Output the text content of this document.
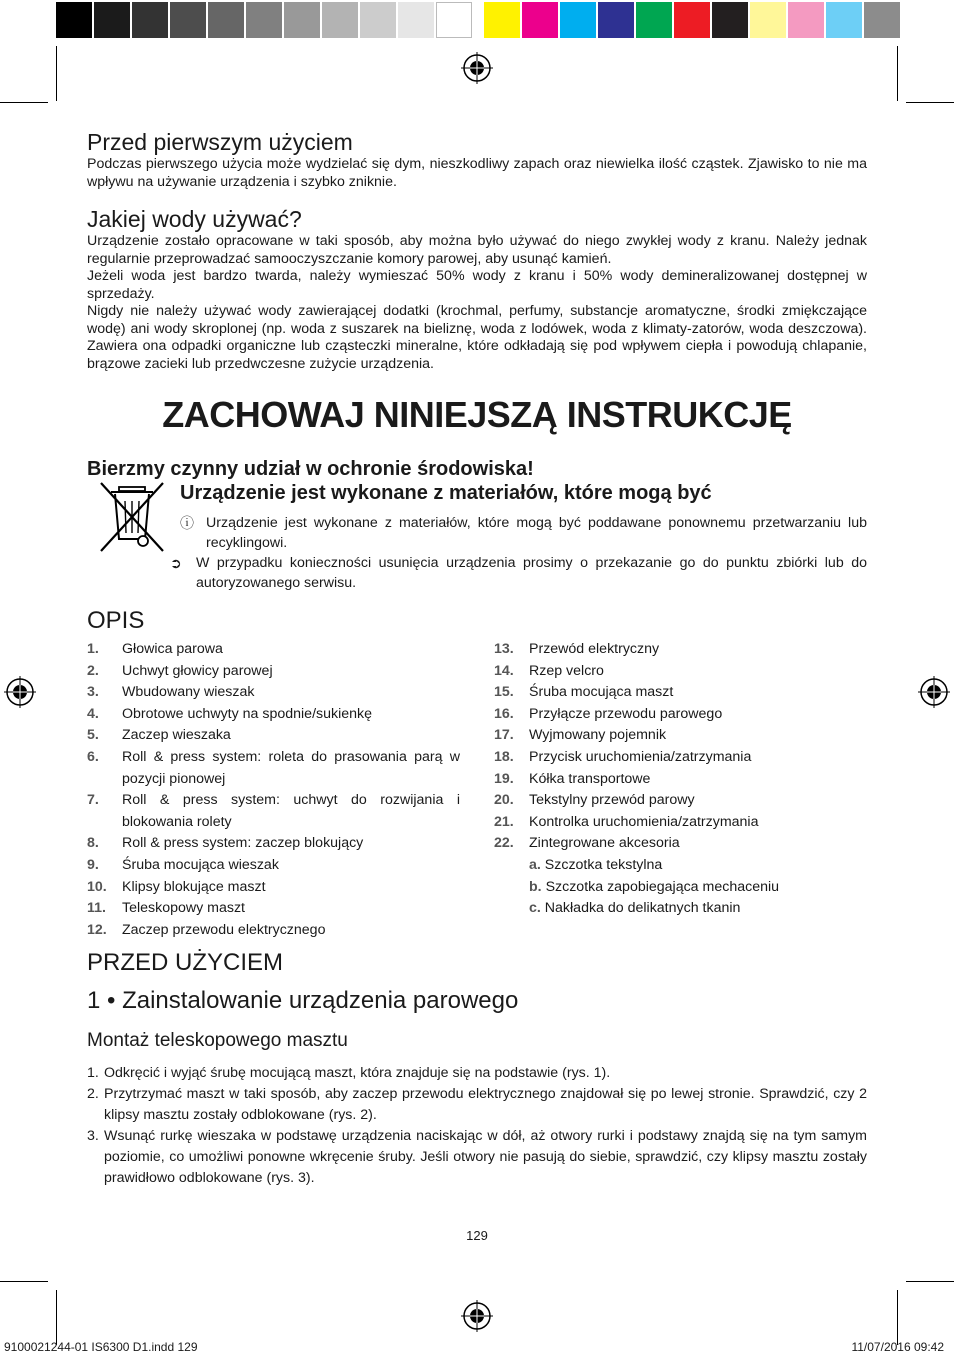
Przed pierwszym użyciem

Podczas pierwszego użycia może wydzielać się dym, nieszkodliwy zapach oraz niewielka ilość cząstek. Zjawisko to nie ma wpływu na używanie urządzenia i szybko zniknie.

Jakiej wody używać?

Urządzenie zostało opracowane w taki sposób, aby można było używać do niego zwykłej wody z kranu. Należy jednak regularnie przeprowadzać samooczyszczanie komory parowej, aby usunąć kamień.

Jeżeli woda jest bardzo twarda, należy wymieszać 50% wody z kranu i 50% wody demineralizowanej dostępnej w sprzedaży.

Nigdy nie należy używać wody zawierającej dodatki (krochmal, perfumy, substancje aromatyczne, środki zmiękczające wodę) ani wody skroplonej (np. woda z suszarek na bieliznę, woda z lodówek, woda z klimaty-zatorów, woda deszczowa). Zawiera ona odpadki organiczne lub cząsteczki mineralne, które odkładają się pod wpływem ciepła i powodują chlapanie, brązowe zacieki lub przedwczesne zużycie urządzenia.

ZACHOWAJ NINIEJSZĄ INSTRUKCJĘ
Bierzmy czynny udział w ochronie środowiska!
Urządzenie jest wykonane z materiałów, które mogą być
ⓘ Urządzenie jest wykonane z materiałów, które mogą być poddawane ponownemu przetwarzaniu lub recyklingowi.
➲	W przypadku konieczności usunięcia urządzenia prosimy o przekazanie go do punktu zbiórki lub do autoryzowanego serwisu.
OPIS
1.	Głowica parowa
2.	Uchwyt głowicy parowej
3.	Wbudowany wieszak
4.	Obrotowe uchwyty na spodnie/sukienkę
5.	Zaczep wieszaka
6.	Roll & press system: roleta do prasowania parą w pozycji pionowej
7.	Roll & press system: uchwyt do rozwijania i blokowania rolety
8.	Roll & press system: zaczep blokujący
9.	Śruba mocująca wieszak
10.	Klipsy blokujące maszt
11.	Teleskopowy maszt
12.	Zaczep przewodu elektrycznego
13.	Przewód elektryczny
14.	Rzep velcro
15.	Śruba mocująca maszt
16.	Przyłącze przewodu parowego
17.	Wyjmowany pojemnik
18.	Przycisk uruchomienia/zatrzymania
19.	Kółka transportowe
20.	Tekstylny przewód parowy
21.	Kontrolka uruchomienia/zatrzymania
22.	Zintegrowane akcesoria
a. Szczotka tekstylna
b. Szczotka zapobiegająca mechaceniu
c. Nakładka do delikatnych tkanin
PRZED UŻYCIEM
1 • Zainstalowanie urządzenia parowego
Montaż teleskopowego masztu
1. Odkręcić i wyjąć śrubę mocującą maszt, która znajduje się na podstawie (rys. 1).
2. Przytrzymać maszt w taki sposób, aby zaczep przewodu elektrycznego znajdował się po lewej stronie. Sprawdzić, czy 2 klipsy masztu zostały odblokowane (rys. 2).
3. Wsunąć rurkę wieszaka w podstawę urządzenia naciskając w dół, aż otwory rurki i podstawy znajdą się na tym samym poziomie, co umożliwi ponowne wkręcenie śruby. Jeśli otwory nie pasują do siebie, sprawdzić, czy klipsy masztu zostały prawidłowo odblokowane (rys. 3).
129
9100021244-01 IS6300 D1.indd 129	11/07/2016 09:42
